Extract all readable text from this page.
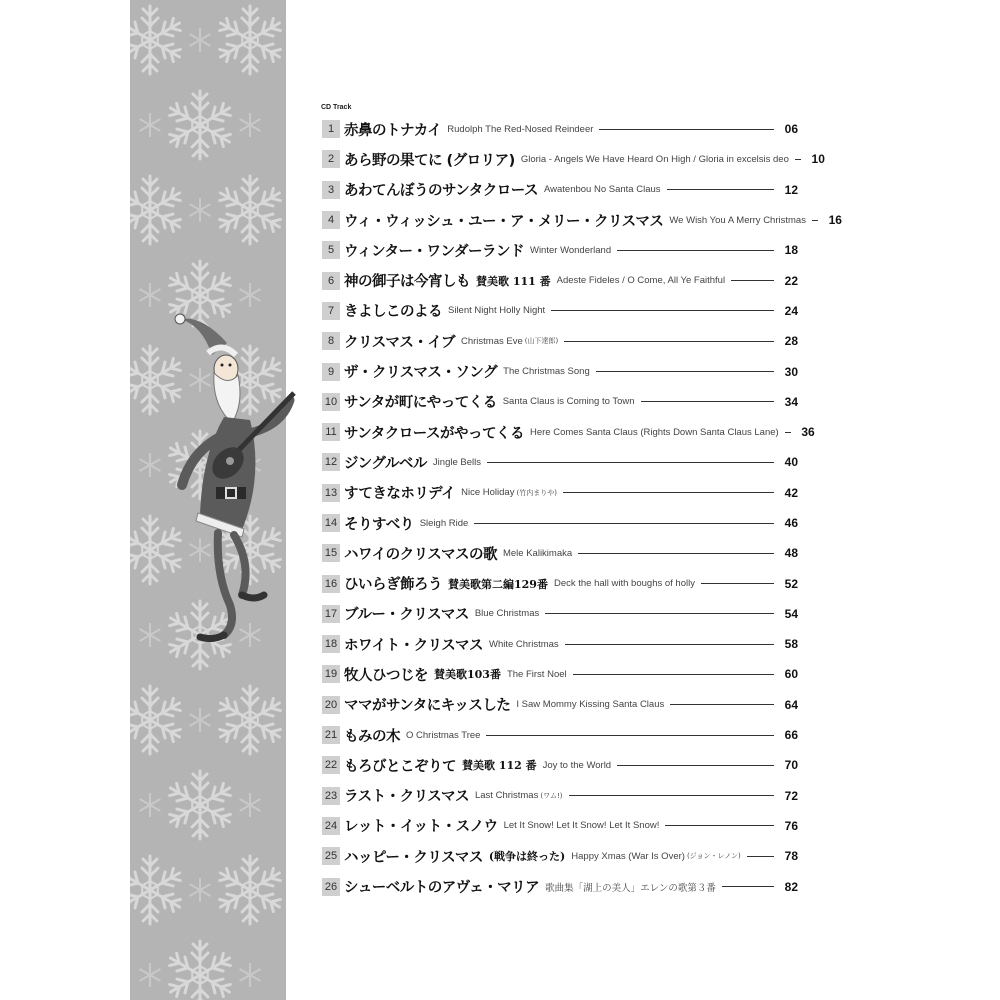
CD Track
1 赤鼻のトナカイ Rudolph The Red-Nosed Reindeer	06
2 あら野の果てに (グロリア) Gloria - Angels We Have Heard On High / Gloria in excelsis deo	10
3 あわてんぼうのサンタクロース Awatenbou No Santa Claus	12
4 ウィ・ウィッシュ・ユー・ア・メリー・クリスマス We Wish You A Merry Christmas	16
5 ウィンター・ワンダーランド Winter Wonderland	18
6 神の御子は今宵しも 賛美歌 111 番 Adeste Fideles / O Come, All Ye Faithful	22
7 きよしこのよる Silent Night Holly Night	24
8 クリスマス・イブ Christmas Eve (山下達郎)	28
9 ザ・クリスマス・ソング The Christmas Song	30
10 サンタが町にやってくる Santa Claus is Coming to Town	34
11 サンタクロースがやってくる Here Comes Santa Claus (Rights Down Santa Claus Lane)	36
12 ジングルベル Jingle Bells	40
13 すてきなホリデイ Nice Holiday (竹内まりや)	42
14 そりすべり Sleigh Ride	46
15 ハワイのクリスマスの歌 Mele Kalikimaka	48
16 ひいらぎ飾ろう 賛美歌第二編129番 Deck the hall with boughs of holly	52
17 ブルー・クリスマス Blue Christmas	54
18 ホワイト・クリスマス White Christmas	58
19 牧人ひつじを 賛美歌103番 The First Noel	60
20 ママがサンタにキッスした I Saw Mommy Kissing Santa Claus	64
21 もみの木 O Christmas Tree	66
22 もろびとこぞりて 賛美歌 112 番 Joy to the World	70
23 ラスト・クリスマス Last Christmas (ワム!)	72
24 レット・イット・スノウ Let It Snow! Let It Snow! Let It Snow!	76
25 ハッピー・クリスマス (戦争は終った) Happy Xmas (War Is Over) (ジョン・レノン)	78
26 シューベルトのアヴェ・マリア 歌曲集「湖上の美人」エレンの歌第３番	82
